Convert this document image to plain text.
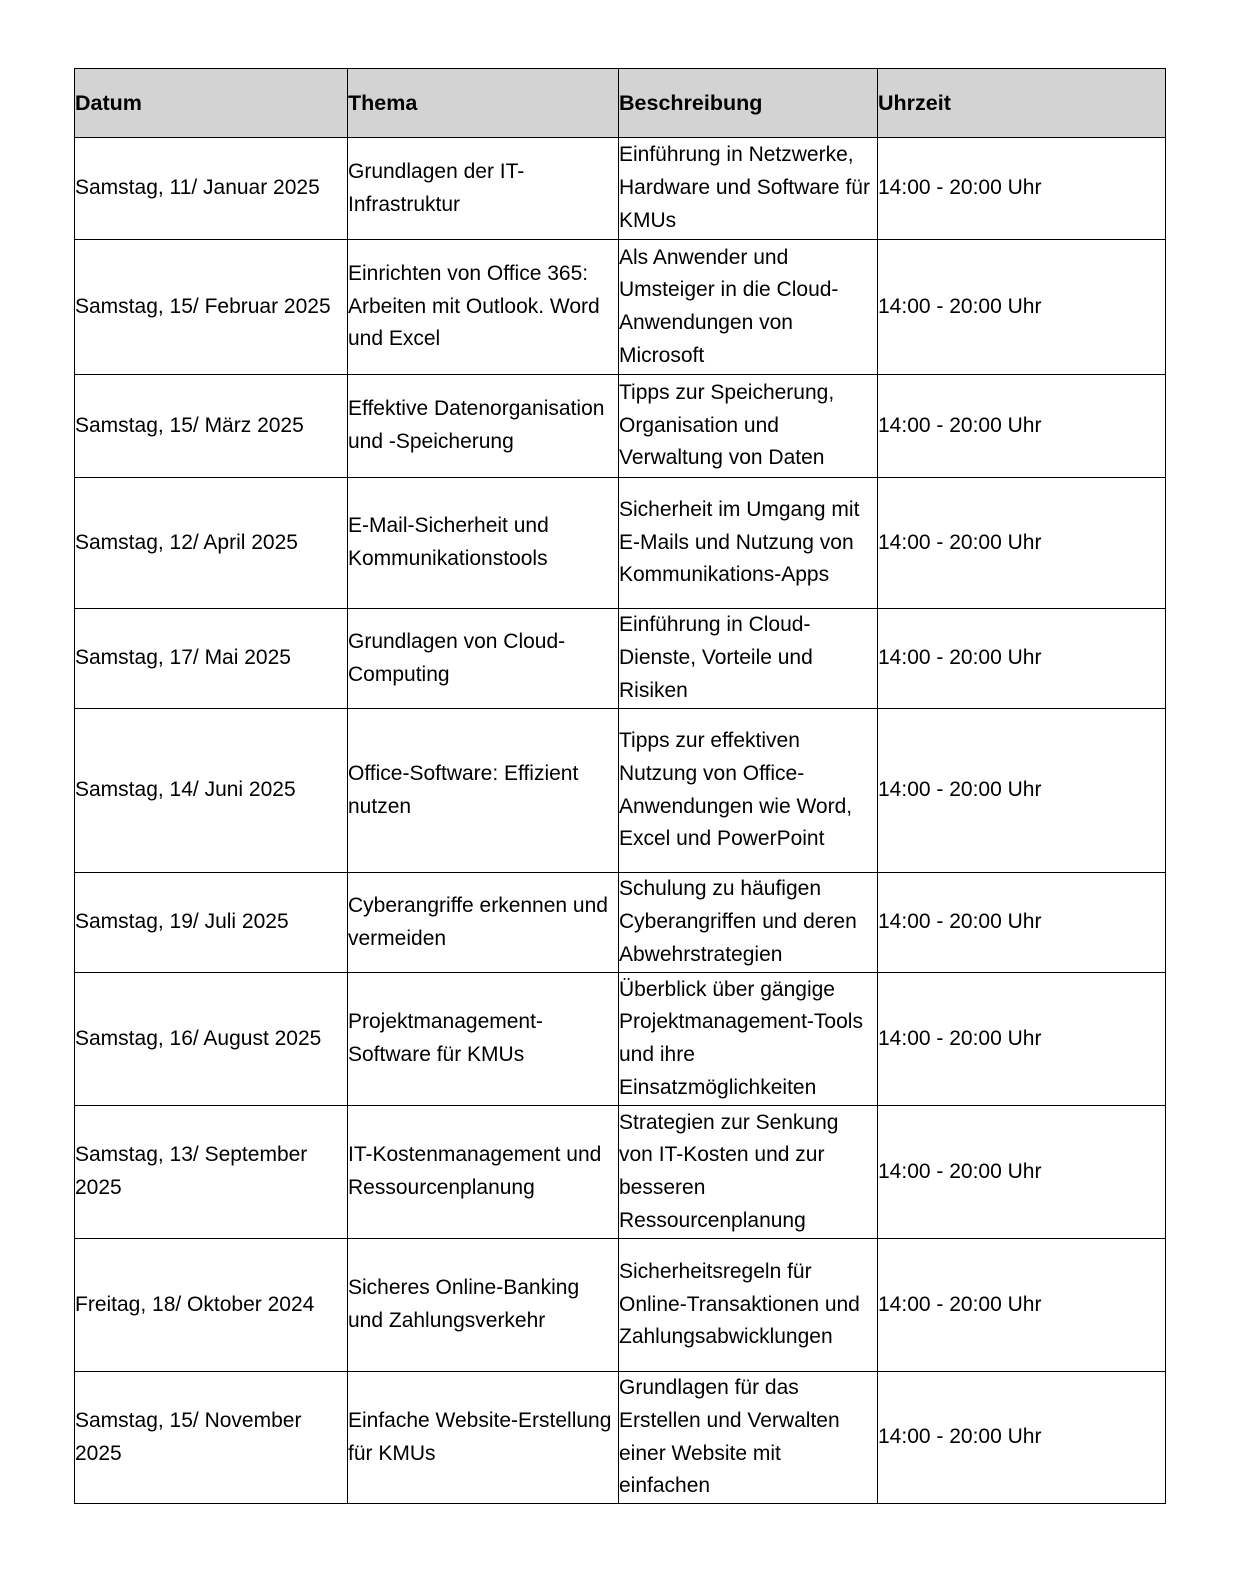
Datum	Thema	Beschreibung	Uhrzeit
Samstag, 11/ Januar 2025	Grundlagen der IT-Infrastruktur	Einführung in Netzwerke, Hardware und Software für KMUs	14:00 - 20:00 Uhr
Samstag, 15/ Februar 2025	Einrichten von Office 365: Arbeiten mit Outlook. Word und Excel	Als Anwender und Umsteiger in die Cloud-Anwendungen von Microsoft	14:00 - 20:00 Uhr
Samstag, 15/ März 2025	Effektive Datenorganisation und -Speicherung	Tipps zur Speicherung, Organisation und Verwaltung von Daten	14:00 - 20:00 Uhr
Samstag, 12/ April 2025	E-Mail-Sicherheit und Kommunikationstools	Sicherheit im Umgang mit E-Mails und Nutzung von Kommunikations-Apps	14:00 - 20:00 Uhr
Samstag, 17/ Mai 2025	Grundlagen von Cloud-Computing	Einführung in Cloud-Dienste, Vorteile und Risiken	14:00 - 20:00 Uhr
Samstag, 14/ Juni 2025	Office-Software: Effizient nutzen	Tipps zur effektiven Nutzung von Office-Anwendungen wie Word, Excel und PowerPoint	14:00 - 20:00 Uhr
Samstag, 19/ Juli 2025	Cyberangriffe erkennen und vermeiden	Schulung zu häufigen Cyberangriffen und deren Abwehrstrategien	14:00 - 20:00 Uhr
Samstag, 16/ August 2025	Projektmanagement-Software für KMUs	Überblick über gängige Projektmanagement-Tools und ihre Einsatzmöglichkeiten	14:00 - 20:00 Uhr
Samstag, 13/ September 2025	IT-Kostenmanagement und Ressourcenplanung	Strategien zur Senkung von IT-Kosten und zur besseren Ressourcenplanung	14:00 - 20:00 Uhr
Freitag, 18/ Oktober 2024	Sicheres Online-Banking und Zahlungsverkehr	Sicherheitsregeln für Online-Transaktionen und Zahlungsabwicklungen	14:00 - 20:00 Uhr
Samstag, 15/ November 2025	Einfache Website-Erstellung für KMUs	Grundlagen für das Erstellen und Verwalten einer Website mit einfachen	14:00 - 20:00 Uhr
